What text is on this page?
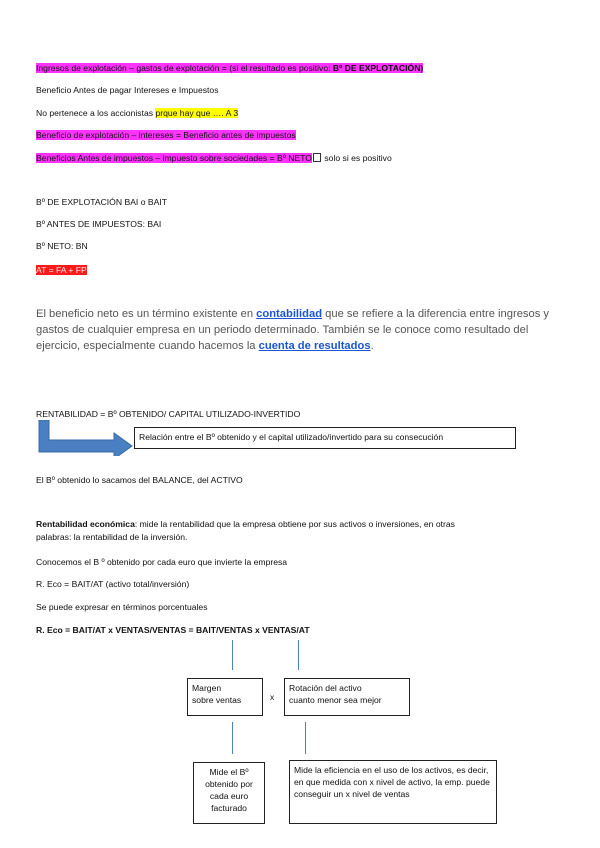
Ingresos de explotación – gastos de explotación = (si el resultado es positivo: Bº DE EXPLOTACIÓN)
Beneficio Antes de pagar Intereses e Impuestos
No pertenece a los accionistas prque hay que …. A 3
Beneficio de explotación – intereses = Beneficio antes de impuestos
Beneficios Antes de impuestos – impuesto sobre sociedades = Bº NETO solo si es positivo
Bº DE EXPLOTACIÓN BAI o BAIT
Bº ANTES DE IMPUESTOS: BAI
Bº NETO: BN
AT = FA + FP
El beneficio neto es un término existente en contabilidad que se refiere a la diferencia entre ingresos y gastos de cualquier empresa en un periodo determinado. También se le conoce como resultado del ejercicio, especialmente cuando hacemos la cuenta de resultados.
RENTABILIDAD = Bº OBTENIDO/ CAPITAL UTILIZADO-INVERTIDO
Relación entre el Bº obtenido y el capital utilizado/invertido para su consecución
El Bº obtenido lo sacamos del BALANCE, del ACTIVO
Rentabilidad económica: mide la rentabilidad que la empresa obtiene por sus activos o inversiones, en otras
palabras: la rentabilidad de la inversión.
Conocemos el B º obtenido por cada euro que invierte la empresa
R. Eco = BAIT/AT (activo total/inversión)
Se puede expresar en términos porcentuales
R. Eco = BAIT/AT x VENTAS/VENTAS = BAIT/VENTAS x VENTAS/AT
Margen
sobre ventas	x
Rotación del activo
cuanto menor sea mejor
Mide el Bº obtenido por cada euro facturado
Mide la eficiencia en el uso de los activos, es decir, en que medida con x nivel de activo, la emp. puede conseguir un x nivel de ventas
